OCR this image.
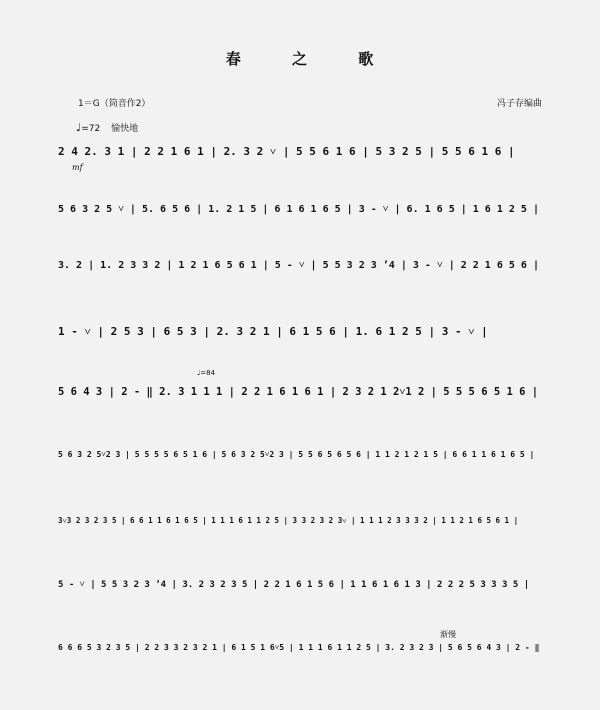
春	之	歌
1＝G（筒音作2）	冯子存编曲
♩=72 愉快地
mf
♩=84
渐慢
2 4 2. 3 1 | 2 2 1 6 1 | 2. 3 2 ˅ | 5 5 6 1 6 | 5 3 2 5 | 5 5 6 1 6 |
5 6 3 2 5 ˅ | 5. 6 5 6 | 1. 2 1 5 | 6 1 6 1 6 5 | 3 - ˅ | 6. 1 6 5 | 1 6 1 2 5 |
3. 2 | 1. 2 3 3 2 | 1 2 1 6 5 6 1 | 5 - ˅ | 5 5 3 2 3 ʼ4 | 3 - ˅ | 2 2 1 6 5 6 |
1 - ˅ | 2 5 3 | 6 5 3 | 2. 3 2 1 | 6 1 5 6 | 1. 6 1 2 5 | 3 - ˅ |
5 6 4 3 | 2 - ‖ 2. 3 1 1 1 | 2 2 1 6 1 6 1 | 2 3 2 1 2˅1 2 | 5 5 5 6 5 1 6 |
5 6 3 2 5˅2 3 | 5 5 5 5 6 5 1 6 | 5 6 3 2 5˅2 3 | 5 5 6 5 6 5 6 | 1 1 2 1 2 1 5 | 6 6 1 1 6 1 6 5 |
3˅3 2 3 2 3 5 | 6 6 1 1 6 1 6 5 | 1 1 1 6 1 1 2 5 | 3 3 2 3 2 3˅ | 1 1 1 2 3 3 3 2 | 1 1 2 1 6 5 6 1 |
5 - ˅ | 5 5 3 2 3 ʼ4 | 3. 2 3 2 3 5 | 2 2 1 6 1 5 6 | 1 1 6 1 6 1 3 | 2 2 2 5 3 3 3 5 |
6 6 6 5 3 2 3 5 | 2 2 3 3 2 3 2 1 | 6 1 5 1 6˅5 | 1 1 1 6 1 1 2 5 | 3. 2 3 2 3 | 5 6 5 6 4 3 | 2 - ‖
